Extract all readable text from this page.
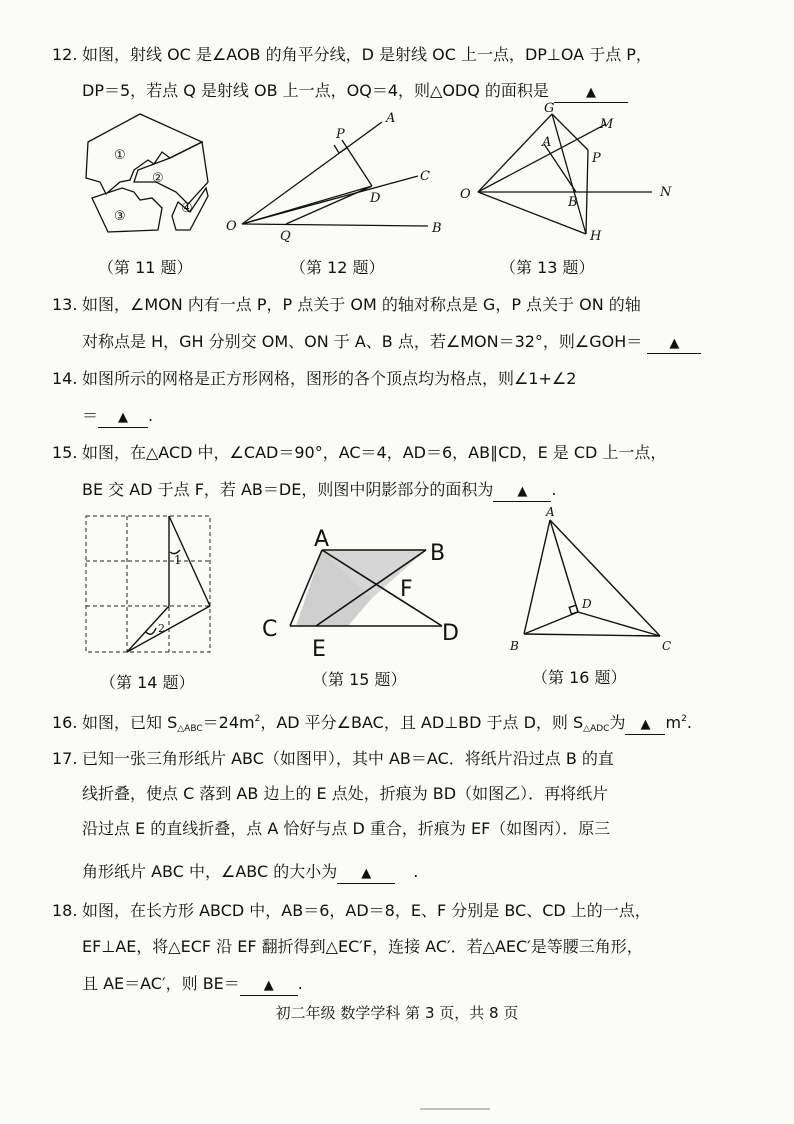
12. 如图，射线 OC 是∠AOB 的角平分线，D 是射线 OC 上一点，DP⊥OA 于点 P，
DP＝5，若点 Q 是射线 OB 上一点，OQ＝4，则△ODQ 的面积是	▲
①
②
③
④
（第 11 题）
O
Q
B
P
A
D
C
（第 12 题）
G
M
A
P
O
B
N
H
（第 13 题）
13. 如图，∠MON 内有一点 P，P 点关于 OM 的轴对称点是 G，P 点关于 ON 的轴
对称点是 H，GH 分别交 OM、ON 于 A、B 点，若∠MON＝32°，则∠GOH＝ ▲
14. 如图所示的网格是正方形网格，图形的各个顶点均为格点，则∠1+∠2
＝ ▲ .
15. 如图，在△ACD 中，∠CAD＝90°，AC＝4，AD＝6，AB∥CD，E 是 CD 上一点，
BE 交 AD 于点 F，若 AB＝DE，则图中阴影部分的面积为 ▲ .
1
2
（第 14 题）
A
B
C	D
E
F
（第 15 题）
A
B	C
D
（第 16 题）
16. 如图，已知 $S_{\triangle ABC}=24m^2$，AD 平分∠BAC，且 AD⊥BD 于点 D，则 $S_{\triangle ADC}$为 ▲ $m^2$.
17. 已知一张三角形纸片 ABC（如图甲），其中 AB＝AC．将纸片沿过点 B 的直
线折叠，使点 C 落到 AB 边上的 E 点处，折痕为 BD（如图乙）．再将纸片
沿过点 E 的直线折叠，点 A 恰好与点 D 重合，折痕为 EF（如图丙）．原三
角形纸片 ABC 中，∠ABC 的大小为 ▲	.
18. 如图，在长方形 ABCD 中，AB＝6，AD＝8，E、F 分别是 BC、CD 上的一点，
EF⊥AE，将△ECF 沿 EF 翻折得到△EC′F，连接 AC′．若△AEC′是等腰三角形，
且 AE＝AC′，则 BE＝ ▲ .
初二年级 数学学科 第 3 页，共 8 页
